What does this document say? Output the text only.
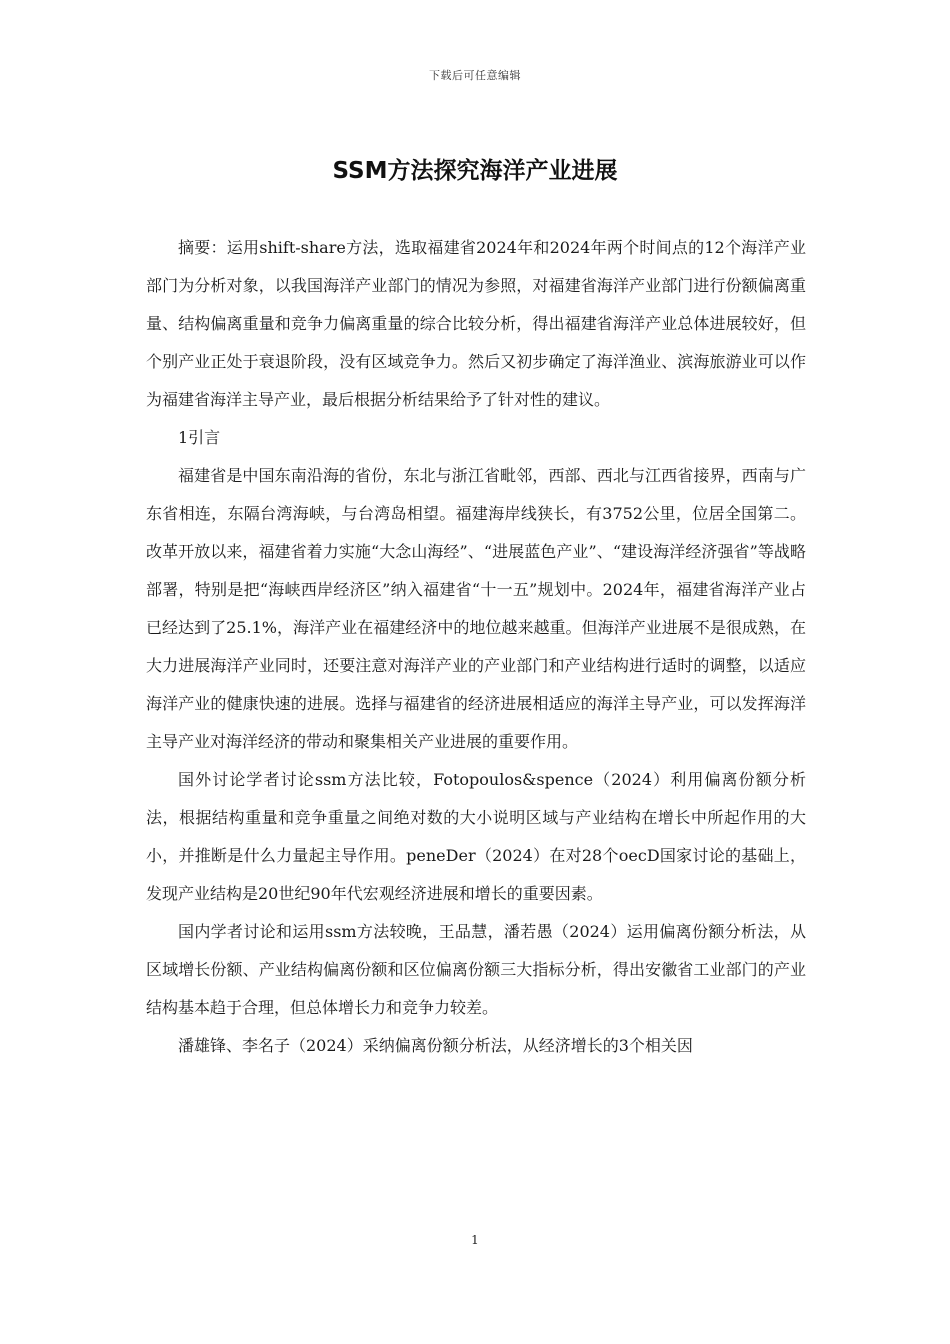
下载后可任意编辑
SSM方法探究海洋产业进展

摘要：运用shift-share方法，选取福建省2024年和2024年两个时间点的12个海洋产业部门为分析对象，以我国海洋产业部门的情况为参照，对福建省海洋产业部门进行份额偏离重量、结构偏离重量和竞争力偏离重量的综合比较分析，得出福建省海洋产业总体进展较好，但个别产业正处于衰退阶段，没有区域竞争力。然后又初步确定了海洋渔业、滨海旅游业可以作为福建省海洋主导产业，最后根据分析结果给予了针对性的建议。

1引言

福建省是中国东南沿海的省份，东北与浙江省毗邻，西部、西北与江西省接界，西南与广东省相连，东隔台湾海峡，与台湾岛相望。福建海岸线狭长，有3752公里，位居全国第二。改革开放以来，福建省着力实施“大念山海经”、“进展蓝色产业”、“建设海洋经济强省”等战略部署，特别是把“海峡西岸经济区”纳入福建省“十一五”规划中。2024年，福建省海洋产业占已经达到了25.1%，海洋产业在福建经济中的地位越来越重。但海洋产业进展不是很成熟，在大力进展海洋产业同时，还要注意对海洋产业的产业部门和产业结构进行适时的调整，以适应海洋产业的健康快速的进展。选择与福建省的经济进展相适应的海洋主导产业，可以发挥海洋主导产业对海洋经济的带动和聚集相关产业进展的重要作用。

国外讨论学者讨论ssm方法比较，Fotopoulos&spence（2024）利用偏离份额分析法，根据结构重量和竞争重量之间绝对数的大小说明区域与产业结构在增长中所起作用的大小，并推断是什么力量起主导作用。peneDer（2024）在对28个oecD国家讨论的基础上，发现产业结构是20世纪90年代宏观经济进展和增长的重要因素。

国内学者讨论和运用ssm方法较晚，王品慧，潘若愚（2024）运用偏离份额分析法，从区域增长份额、产业结构偏离份额和区位偏离份额三大指标分析，得出安徽省工业部门的产业结构基本趋于合理，但总体增长力和竞争力较差。

潘雄锋、李名子（2024）采纳偏离份额分析法，从经济增长的3个相关因

1
